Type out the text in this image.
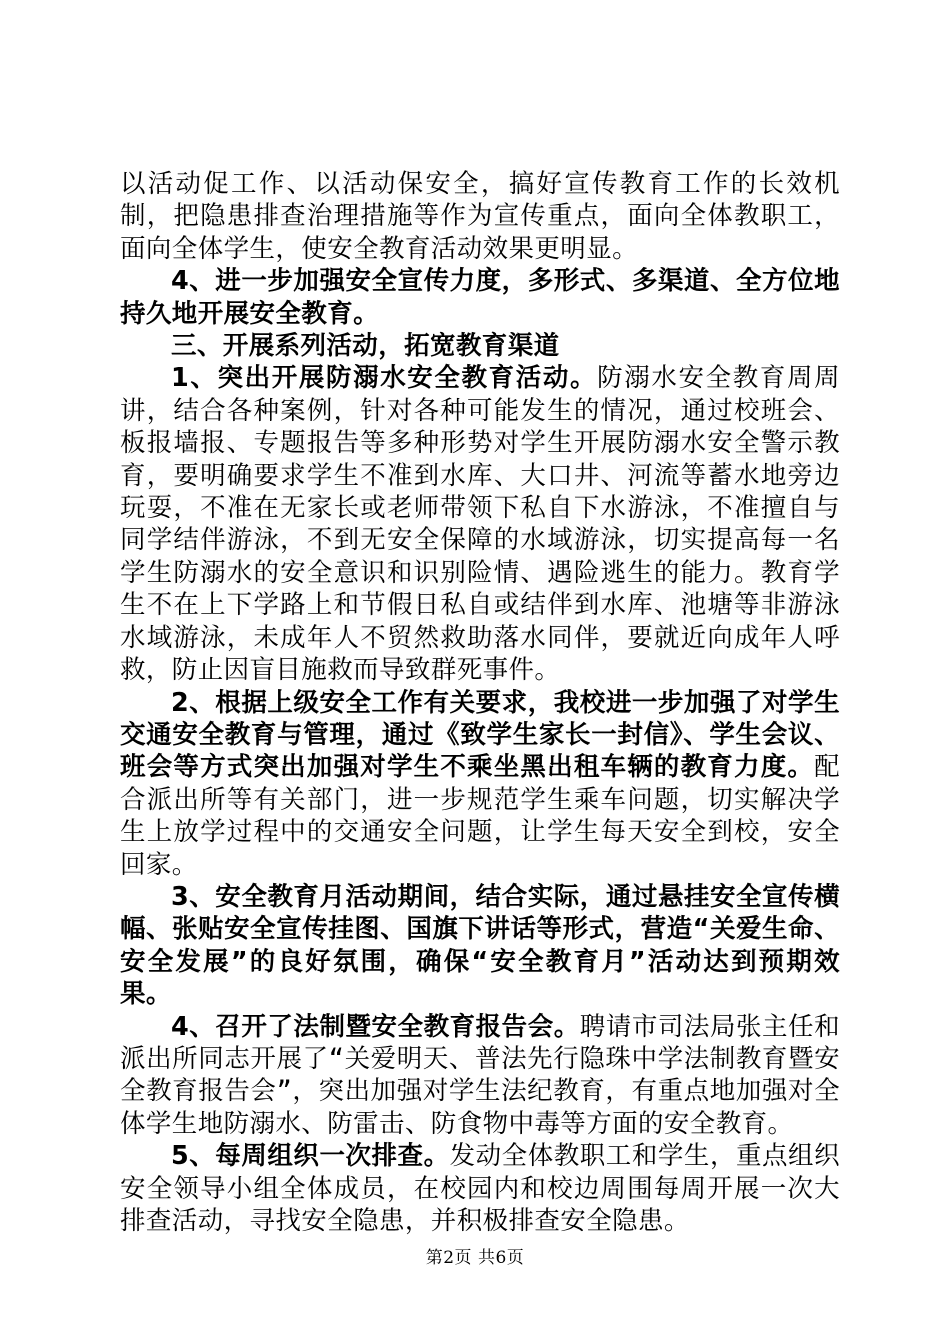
以活动促工作、以活动保安全，搞好宣传教育工作的长效机制，把隐患排查治理措施等作为宣传重点，面向全体教职工，面向全体学生，使安全教育活动效果更明显。

4、进一步加强安全宣传力度，多形式、多渠道、全方位地持久地开展安全教育。

三、开展系列活动，拓宽教育渠道

1、突出开展防溺水安全教育活动。防溺水安全教育周周讲，结合各种案例，针对各种可能发生的情况，通过校班会、板报墙报、专题报告等多种形势对学生开展防溺水安全警示教育，要明确要求学生不准到水库、大口井、河流等蓄水地旁边玩耍，不准在无家长或老师带领下私自下水游泳，不准擅自与同学结伴游泳，不到无安全保障的水域游泳，切实提高每一名学生防溺水的安全意识和识别险情、遇险逃生的能力。教育学生不在上下学路上和节假日私自或结伴到水库、池塘等非游泳水域游泳，未成年人不贸然救助落水同伴，要就近向成年人呼救，防止因盲目施救而导致群死事件。

2、根据上级安全工作有关要求，我校进一步加强了对学生交通安全教育与管理，通过《致学生家长一封信》、学生会议、班会等方式突出加强对学生不乘坐黑出租车辆的教育力度。配合派出所等有关部门，进一步规范学生乘车问题，切实解决学生上放学过程中的交通安全问题，让学生每天安全到校，安全回家。

3、安全教育月活动期间，结合实际，通过悬挂安全宣传横幅、张贴安全宣传挂图、国旗下讲话等形式，营造“关爱生命、安全发展”的良好氛围，确保“安全教育月”活动达到预期效果。

4、召开了法制暨安全教育报告会。聘请市司法局张主任和派出所同志开展了“关爱明天、普法先行隐珠中学法制教育暨安全教育报告会”，突出加强对学生法纪教育，有重点地加强对全体学生地防溺水、防雷击、防食物中毒等方面的安全教育。

5、每周组织一次排查。发动全体教职工和学生，重点组织安全领导小组全体成员，在校园内和校边周围每周开展一次大排查活动，寻找安全隐患，并积极排查安全隐患。

第2页 共6页
